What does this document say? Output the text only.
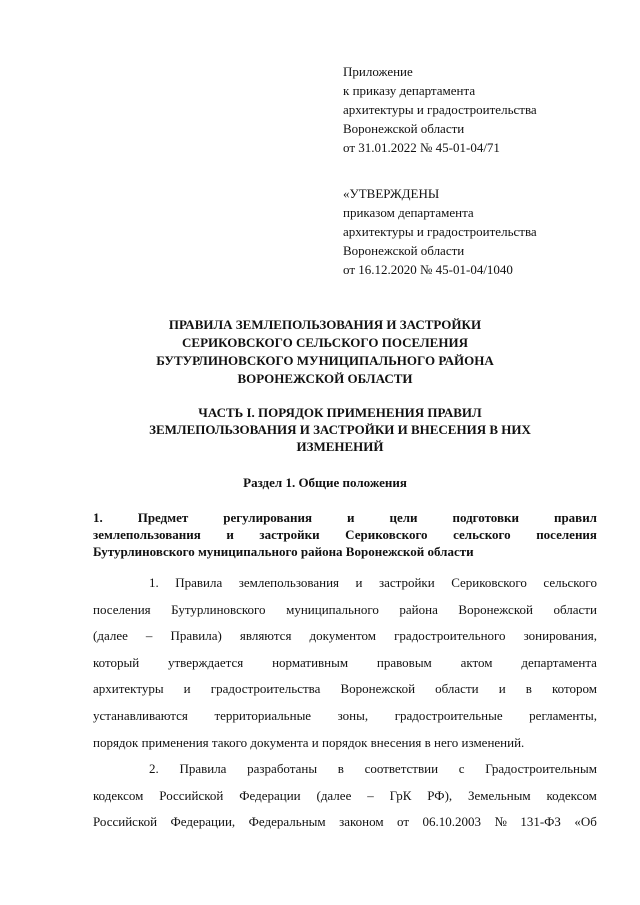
Приложение
к приказу департамента
архитектуры и градостроительства
Воронежской области
от 31.01.2022 № 45-01-04/71
«УТВЕРЖДЕНЫ
приказом департамента
архитектуры и градостроительства
Воронежской области
от 16.12.2020 № 45-01-04/1040
ПРАВИЛА ЗЕМЛЕПОЛЬЗОВАНИЯ И ЗАСТРОЙКИ
СЕРИКОВСКОГО СЕЛЬСКОГО ПОСЕЛЕНИЯ
БУТУРЛИНОВСКОГО МУНИЦИПАЛЬНОГО РАЙОНА
ВОРОНЕЖСКОЙ ОБЛАСТИ
ЧАСТЬ I. ПОРЯДОК ПРИМЕНЕНИЯ ПРАВИЛ
ЗЕМЛЕПОЛЬЗОВАНИЯ И ЗАСТРОЙКИ И ВНЕСЕНИЯ В НИХ
ИЗМЕНЕНИЙ
Раздел 1. Общие положения
1.	Предмет	регулирования	и	цели	подготовки	правил
землепользования и застройки Сериковского сельского поселения
Бутурлиновского муниципального района Воронежской области
1. Правила землепользования и застройки Сериковского сельского
поселения Бутурлиновского муниципального района Воронежской области
(далее – Правила) являются документом градостроительного зонирования,
который утверждается нормативным правовым актом департамента
архитектуры и градостроительства Воронежской области и в котором
устанавливаются территориальные зоны, градостроительные регламенты,
порядок применения такого документа и порядок внесения в него изменений.
2. Правила разработаны в соответствии с Градостроительным
кодексом Российской Федерации (далее – ГрК РФ), Земельным кодексом
Российской Федерации, Федеральным законом от 06.10.2003 № 131-ФЗ «Об
